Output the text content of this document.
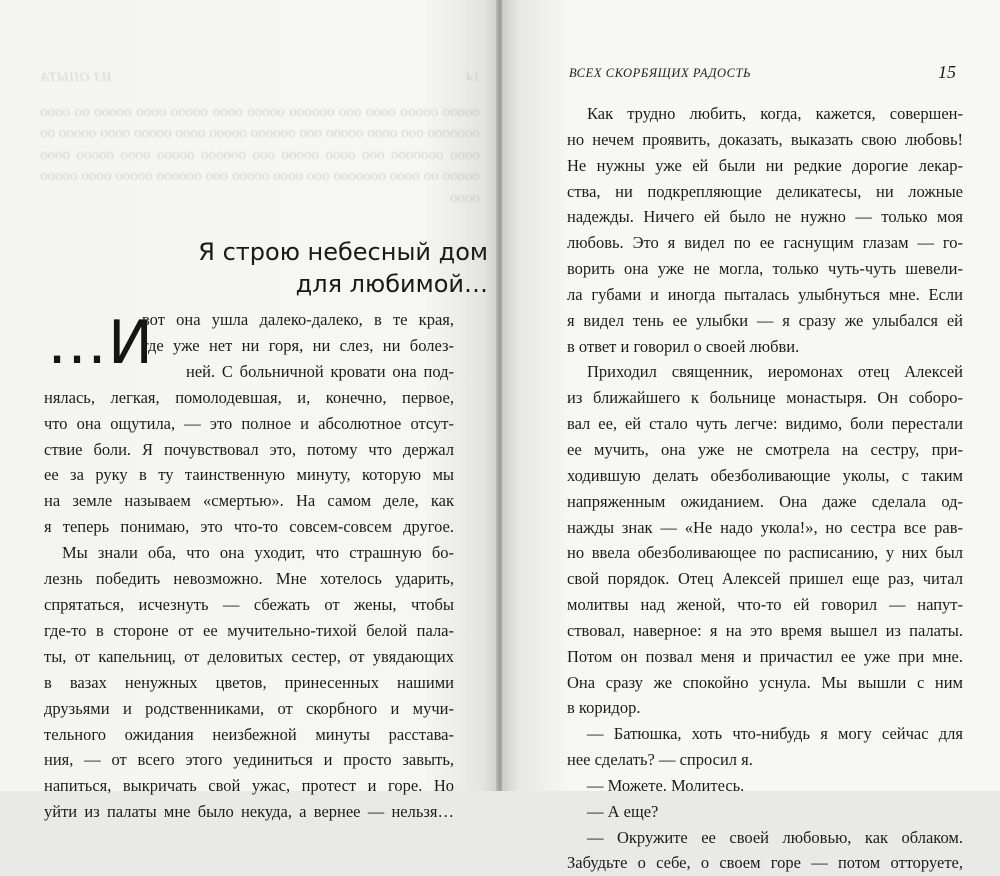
14
ИЗ ОПЫТА
ооооо ооооо оооо ооо оооооо ооооо оооо ооооо оооо ооооо оо оооо ооооооо ооо оооо ооооо ооо оооооо ооооо оооо ооооо оооо ооооо оо оооо ооооооо ооо оооо ооооо ооо оооооо ооооо оооо ооооо оооо ооооо оо оооо ооооооо ооо оооо ооооо ооо оооооо ооооо оооо ооооо оооо
Я строю небесный дом
для любимой…
…И
вот она ушла далеко-далеко, в те края,
где уже нет ни горя, ни слез, ни болез-
ней. С больничной кровати она под-
нялась, легкая, помолодевшая, и, конечно, первое,
что она ощутила, — это полное и абсолютное отсут-
ствие боли. Я почувствовал это, потому что держал
ее за руку в ту таинственную минуту, которую мы
на земле называем «смертью». На самом деле, как
я теперь понимаю, это что-то совсем-совсем другое.
Мы знали оба, что она уходит, что страшную бо-
лезнь победить невозможно. Мне хотелось ударить,
спрятаться, исчезнуть — сбежать от жены, чтобы
где-то в стороне от ее мучительно-тихой белой пала-
ты, от капельниц, от деловитых сестер, от увядающих
в вазах ненужных цветов, принесенных нашими
друзьями и родственниками, от скорбного и мучи-
тельного ожидания неизбежной минуты расстава-
ния, — от всего этого уединиться и просто завыть,
напиться, выкричать свой ужас, протест и горе. Но
уйти из палаты мне было некуда, а вернее — нельзя…
ВСЕХ СКОРБЯЩИХ РАДОСТЬ	15
Как трудно любить, когда, кажется, совершен-
но нечем проявить, доказать, выказать свою любовь!
Не нужны уже ей были ни редкие дорогие лекар-
ства, ни подкрепляющие деликатесы, ни ложные
надежды. Ничего ей было не нужно — только моя
любовь. Это я видел по ее гаснущим глазам — го-
ворить она уже не могла, только чуть-чуть шевели-
ла губами и иногда пыталась улыбнуться мне. Если
я видел тень ее улыбки — я сразу же улыбался ей
в ответ и говорил о своей любви.
Приходил священник, иеромонах отец Алексей
из ближайшего к больнице монастыря. Он соборо-
вал ее, ей стало чуть легче: видимо, боли перестали
ее мучить, она уже не смотрела на сестру, при-
ходившую делать обезболивающие уколы, с таким
напряженным ожиданием. Она даже сделала од-
нажды знак — «Не надо укола!», но сестра все рав-
но ввела обезболивающее по расписанию, у них был
свой порядок. Отец Алексей пришел еще раз, читал
молитвы над женой, что-то ей говорил — напут-
ствовал, наверное: я на это время вышел из палаты.
Потом он позвал меня и причастил ее уже при мне.
Она сразу же спокойно уснула. Мы вышли с ним
в коридор.
— Батюшка, хоть что-нибудь я могу сейчас для
нее сделать? — спросил я.
— Можете. Молитесь.
— А еще?
— Окружите ее своей любовью, как облаком.
Забудьте о себе, о своем горе — потом отторуете,
